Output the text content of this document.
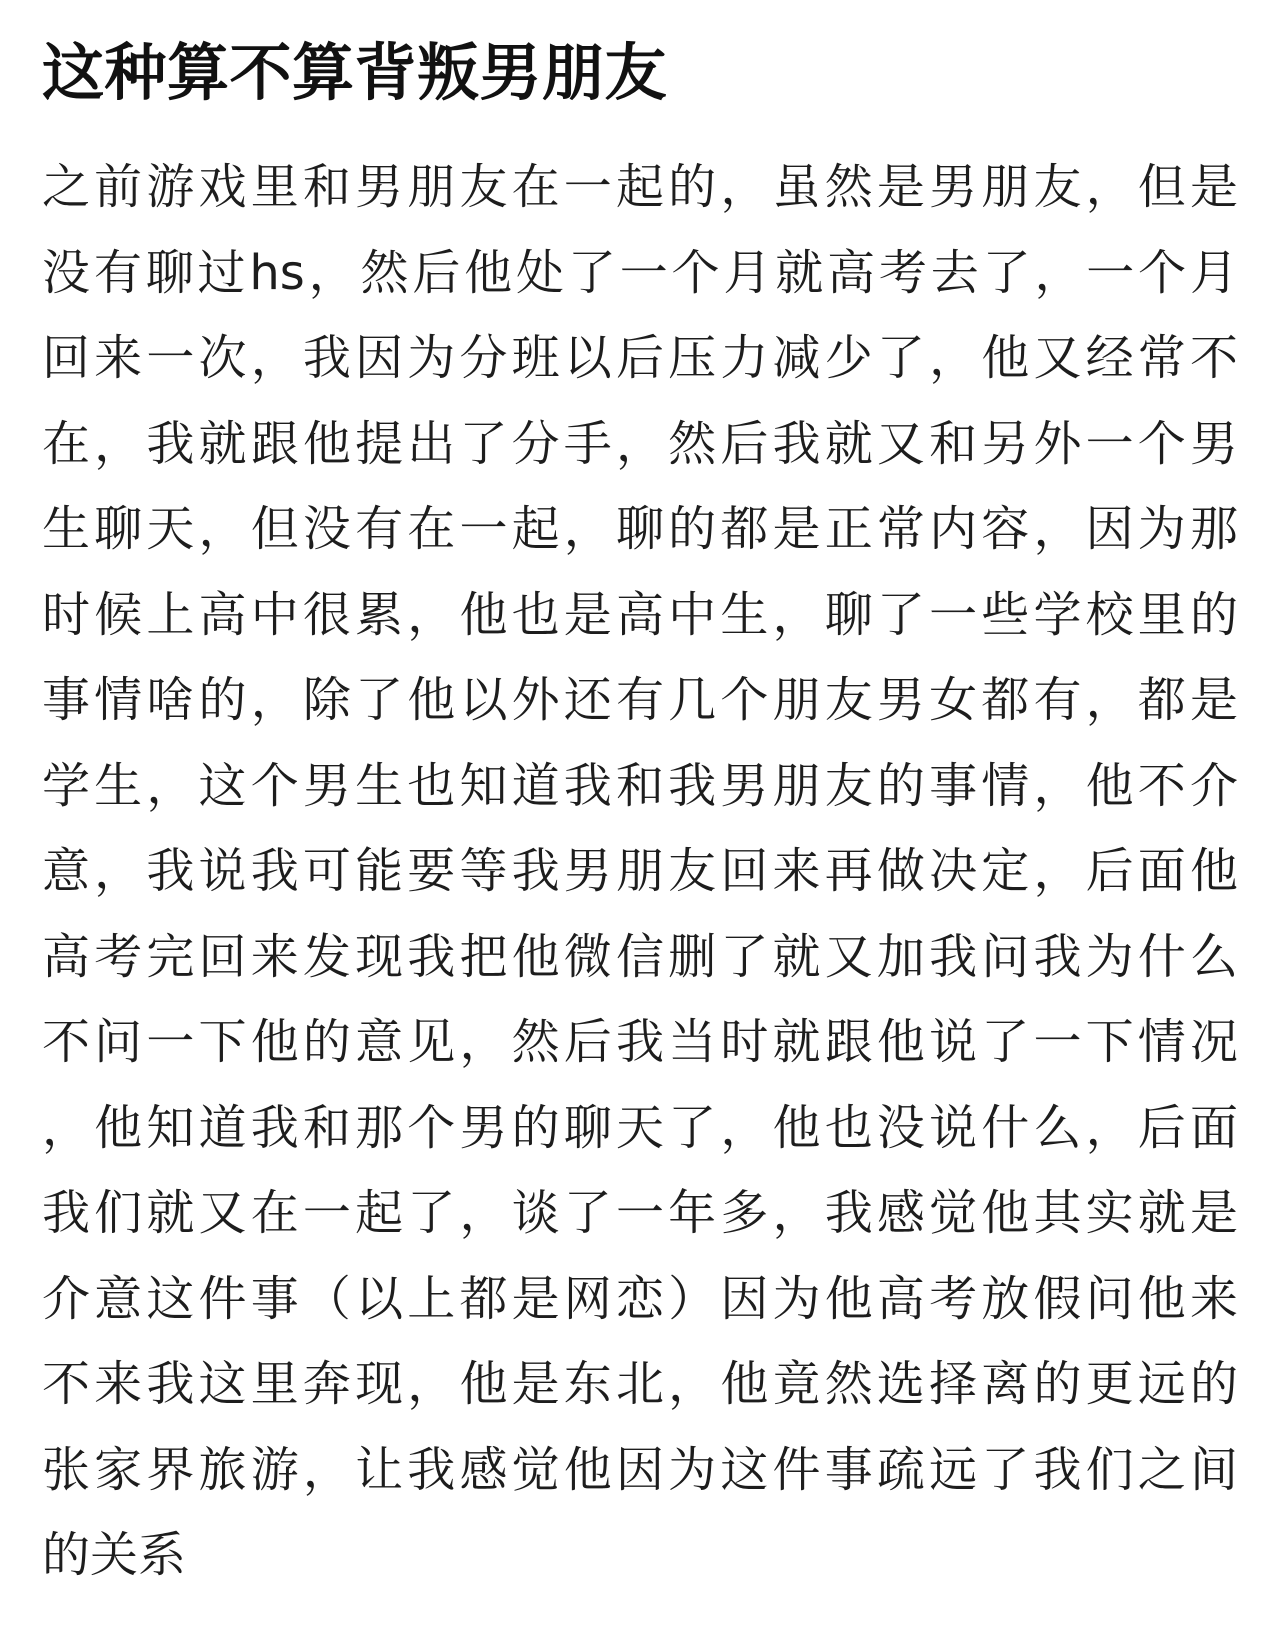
这种算不算背叛男朋友
之前游戏里和男朋友在一起的，虽然是男朋友，但是
没有聊过hs，然后他处了一个月就高考去了，一个月
回来一次，我因为分班以后压力减少了，他又经常不
在，我就跟他提出了分手，然后我就又和另外一个男
生聊天，但没有在一起，聊的都是正常内容，因为那
时候上高中很累，他也是高中生，聊了一些学校里的
事情啥的，除了他以外还有几个朋友男女都有，都是
学生，这个男生也知道我和我男朋友的事情，他不介
意，我说我可能要等我男朋友回来再做决定，后面他
高考完回来发现我把他微信删了就又加我问我为什么
不问一下他的意见，然后我当时就跟他说了一下情况
，他知道我和那个男的聊天了，他也没说什么，后面
我们就又在一起了，谈了一年多，我感觉他其实就是
介意这件事（以上都是网恋）因为他高考放假问他来
不来我这里奔现，他是东北，他竟然选择离的更远的
张家界旅游，让我感觉他因为这件事疏远了我们之间
的关系
